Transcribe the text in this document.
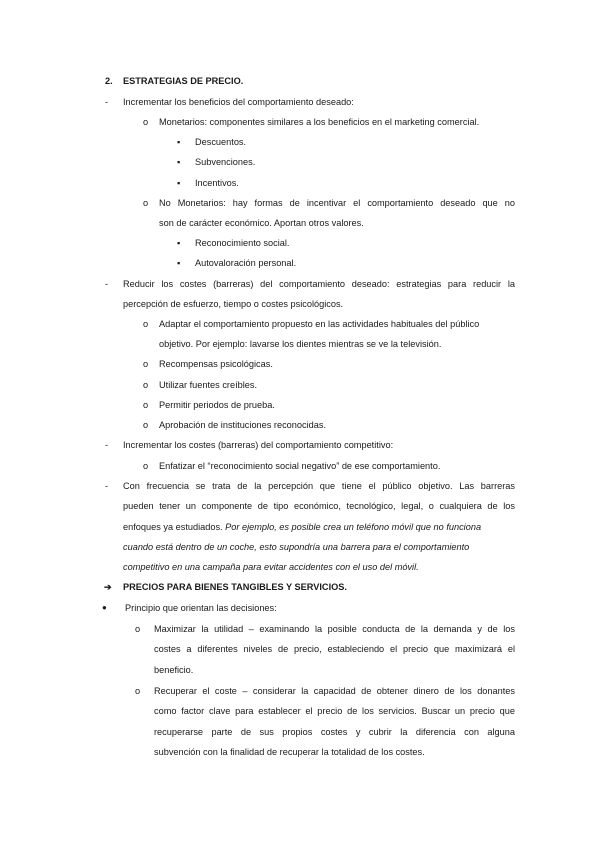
2. ESTRATEGIAS DE PRECIO.
- Incrementar los beneficios del comportamiento deseado:
o Monetarios: componentes similares a los beneficios en el marketing comercial.
▪ Descuentos.
▪ Subvenciones.
▪ Incentivos.
o No Monetarios: hay formas de incentivar el comportamiento deseado que no
son de carácter económico. Aportan otros valores.
▪ Reconocimiento social.
▪ Autovaloración personal.
- Reducir los costes (barreras) del comportamiento deseado: estrategias para reducir la
percepción de esfuerzo, tiempo o costes psicológicos.
o Adaptar el comportamiento propuesto en las actividades habituales del público
objetivo. Por ejemplo: lavarse los dientes mientras se ve la televisión.
o Recompensas psicológicas.
o Utilizar fuentes creíbles.
o Permitir periodos de prueba.
o Aprobación de instituciones reconocidas.
- Incrementar los costes (barreras) del comportamiento competitivo:
o Enfatizar el “reconocimiento social negativo” de ese comportamiento.
- Con frecuencia se trata de la percepción que tiene el público objetivo. Las barreras
pueden tener un componente de tipo económico, tecnológico, legal, o cualquiera de los
enfoques ya estudiados. Por ejemplo, es posible crea un teléfono móvil que no funciona
cuando está dentro de un coche, esto supondría una barrera para el comportamiento
competitivo en una campaña para evitar accidentes con el uso del móvil.
➔ PRECIOS PARA BIENES TANGIBLES Y SERVICIOS.
● Principio que orientan las decisiones:
o Maximizar la utilidad – examinando la posible conducta de la demanda y de los
costes a diferentes niveles de precio, estableciendo el precio que maximizará el
beneficio.
o Recuperar el coste – considerar la capacidad de obtener dinero de los donantes
como factor clave para establecer el precio de los servicios. Buscar un precio que
recuperarse parte de sus propios costes y cubrir la diferencia con alguna
subvención con la finalidad de recuperar la totalidad de los costes.
